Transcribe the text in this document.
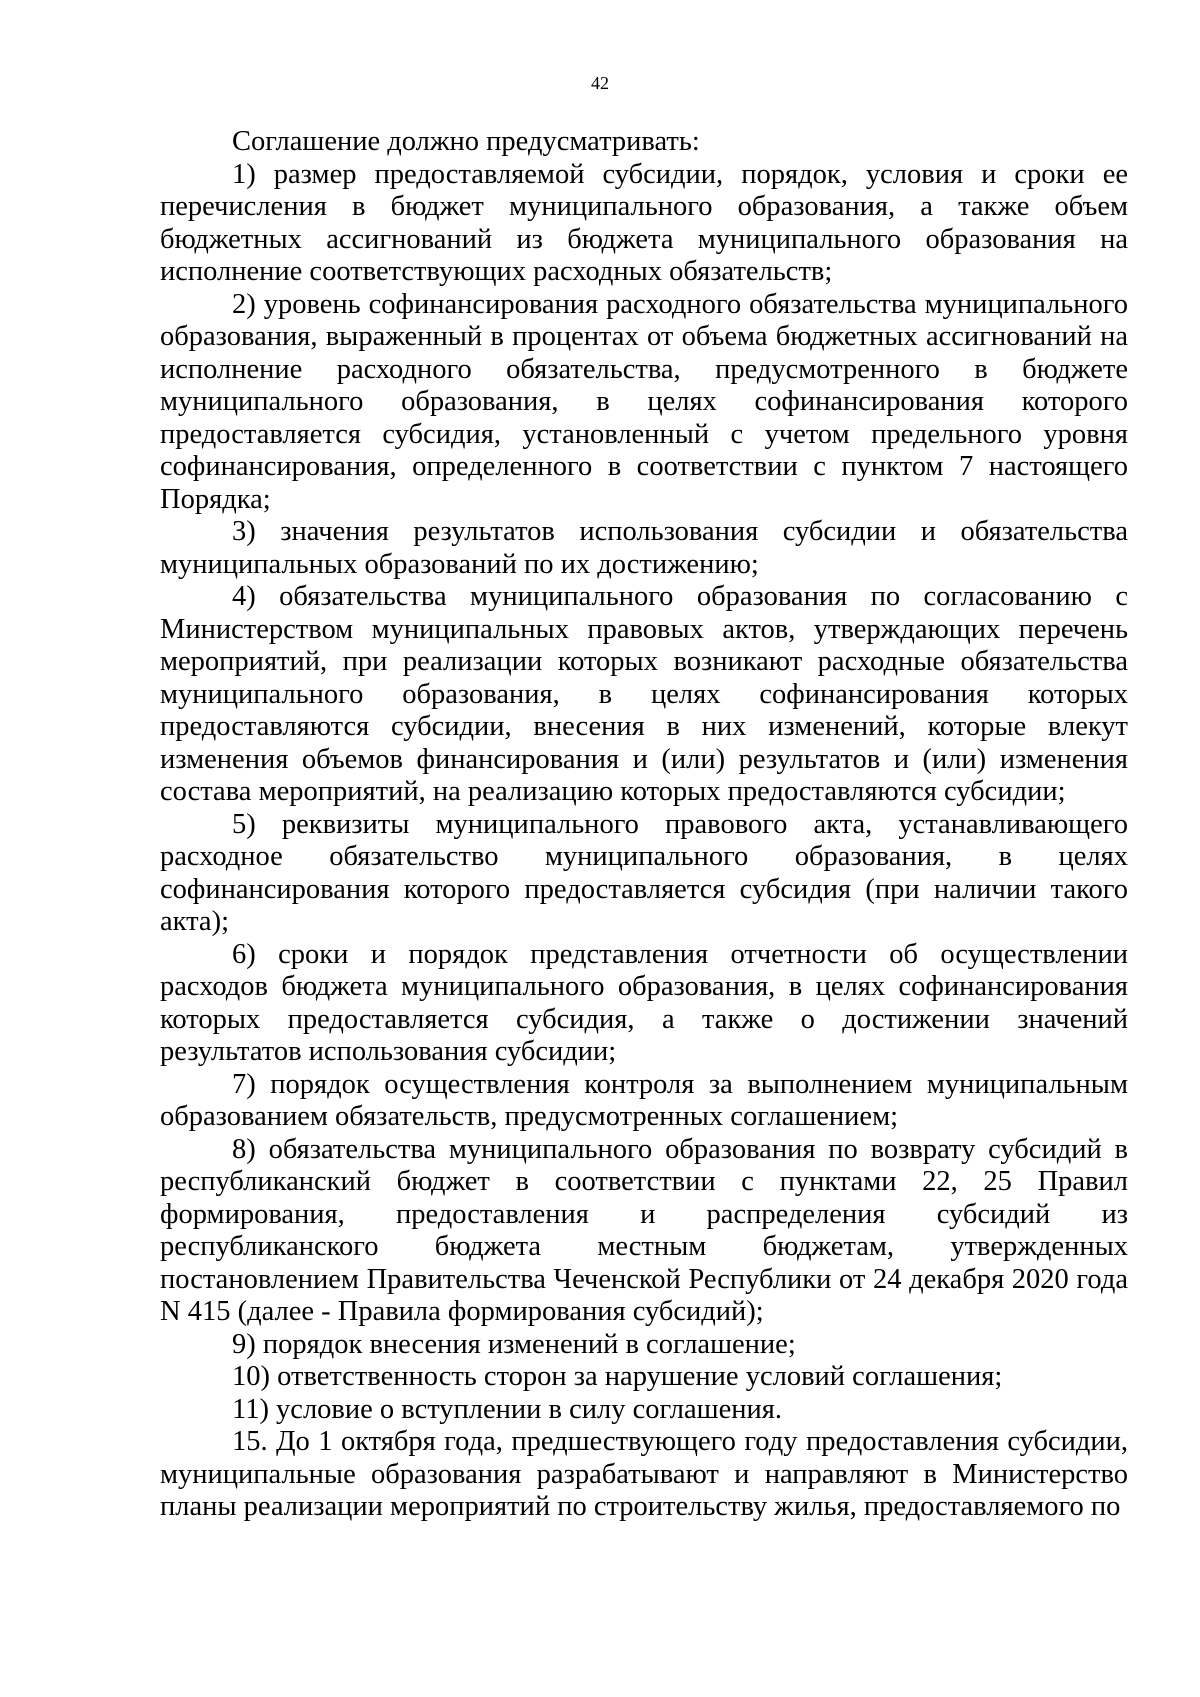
42

Соглашение должно предусматривать:

1) размер предоставляемой субсидии, порядок, условия и сроки ее перечисления в бюджет муниципального образования, а также объем бюджетных ассигнований из бюджета муниципального образования на исполнение соответствующих расходных обязательств;

2) уровень софинансирования расходного обязательства муниципального образования, выраженный в процентах от объема бюджетных ассигнований на исполнение расходного обязательства, предусмотренного в бюджете муниципального образования, в целях софинансирования которого предоставляется субсидия, установленный с учетом предельного уровня софинансирования, определенного в соответствии с пунктом 7 настоящего Порядка;

3) значения результатов использования субсидии и обязательства муниципальных образований по их достижению;

4) обязательства муниципального образования по согласованию с Министерством муниципальных правовых актов, утверждающих перечень мероприятий, при реализации которых возникают расходные обязательства муниципального образования, в целях софинансирования которых предоставляются субсидии, внесения в них изменений, которые влекут изменения объемов финансирования и (или) результатов и (или) изменения состава мероприятий, на реализацию которых предоставляются субсидии;

5) реквизиты муниципального правового акта, устанавливающего расходное обязательство муниципального образования, в целях софинансирования которого предоставляется субсидия (при наличии такого акта);

6) сроки и порядок представления отчетности об осуществлении расходов бюджета муниципального образования, в целях софинансирования которых предоставляется субсидия, а также о достижении значений результатов использования субсидии;

7) порядок осуществления контроля за выполнением муниципальным образованием обязательств, предусмотренных соглашением;

8) обязательства муниципального образования по возврату субсидий в республиканский бюджет в соответствии с пунктами 22, 25 Правил формирования, предоставления и распределения субсидий из республиканского бюджета местным бюджетам, утвержденных постановлением Правительства Чеченской Республики от 24 декабря 2020 года N 415 (далее - Правила формирования субсидий);

9) порядок внесения изменений в соглашение;

10) ответственность сторон за нарушение условий соглашения;

11) условие о вступлении в силу соглашения.

15. До 1 октября года, предшествующего году предоставления субсидии, муниципальные образования разрабатывают и направляют в Министерство планы реализации мероприятий по строительству жилья, предоставляемого по
